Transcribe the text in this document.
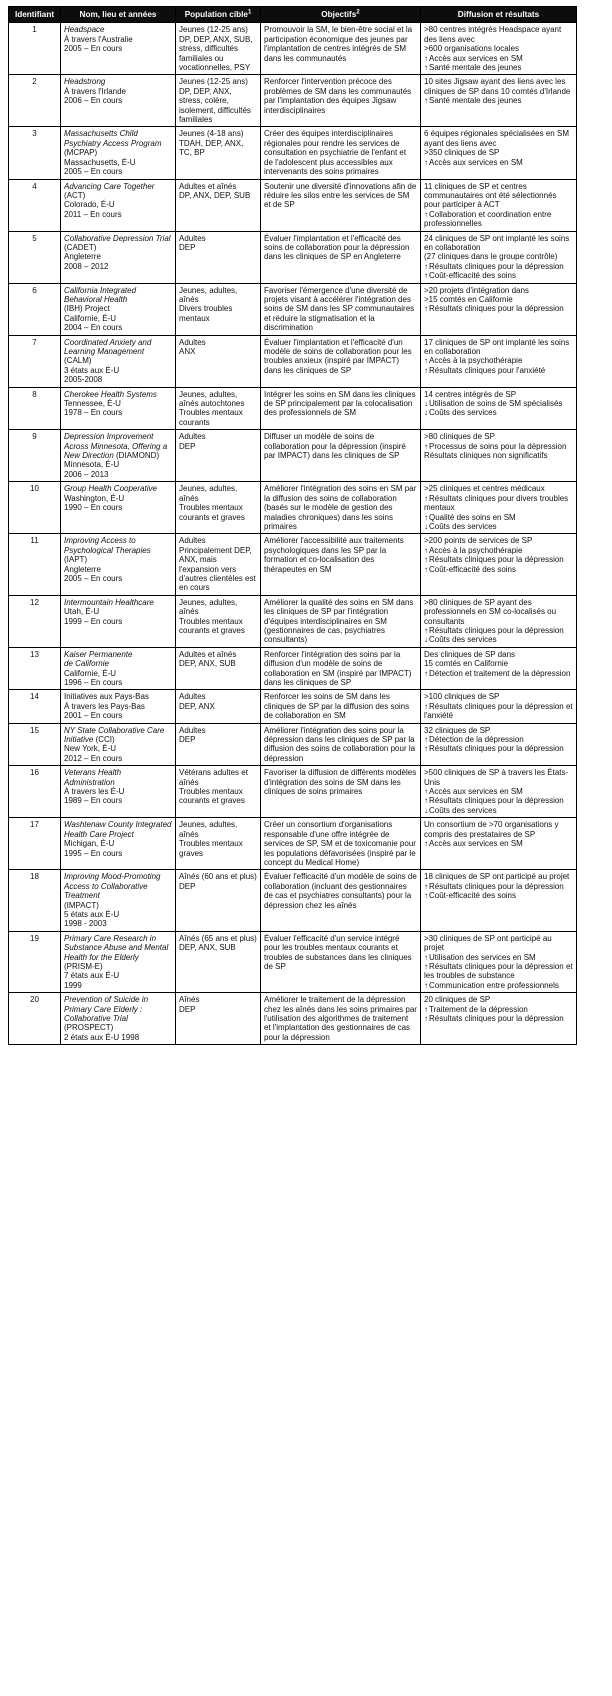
Identifiant	Nom, lieu et années	Population cible$^1$	Objectifs$^2$	Diffusion et résultats
1	Headspace
À travers l'Australie
2005 – En cours	Jeunes (12-25 ans)
DP, DEP, ANX, SUB, stress, difficultés familiales ou vocationnelles, PSY	Promouvoir la SM, le bien-être social et la participation économique des jeunes par l'implantation de centres intégrés de SM dans les communautés	>80 centres intégrés Headspace ayant des liens avec
>600 organisations locales
↑Accès aux services en SM
↑Santé mentale des jeunes

2	Headstrong
À travers l'Irlande
2006 – En cours	Jeunes (12-25 ans)
DP, DEP, ANX, stress, colère, isolement, difficultés familiales	Renforcer l'intervention précoce des problèmes de SM dans les communautés par l'implantation des équipes Jigsaw interdisciplinaires	10 sites Jigsaw ayant des liens avec les cliniques de SP dans 10 comtés d'Irlande
↑Santé mentale des jeunes

3	Massachusetts Child Psychiatry Access Program
(MCPAP)
Massachusetts, É-U
2005 – En cours	Jeunes (4-18 ans)
TDAH, DEP, ANX, TC, BP	Créer des équipes interdisciplinaires régionales pour rendre les services de consultation en psychiatrie de l'enfant et de l'adolescent plus accessibles aux intervenants des soins primaires	6 équipes régionales spécialisées en SM ayant des liens avec
>350 cliniques de SP
↑Accès aux services en SM

4	Advancing Care Together
(ACT)
Colorado, É-U
2011 – En cours	Adultes et aînés
DP, ANX, DEP, SUB	Soutenir une diversité d'innovations afin de réduire les silos entre les services de SM et de SP	11 cliniques de SP et centres communautaires ont été sélectionnés pour participer à ACT
↑Collaboration et coordination entre professionnelles

5	Collaborative Depression Trial
(CADET)
Angleterre
2008 – 2012	Adultes
DEP	Évaluer l'implantation et l'efficacité des soins de collaboration pour la dépression dans les cliniques de SP en Angleterre	24 cliniques de SP ont implanté les soins en collaboration
(27 cliniques dans le groupe contrôle)
↑Résultats cliniques pour la dépression
↑Coût-efficacité des soins

6	California Integrated Behavioral Health
(IBH) Project
Californie, É-U
2004 – En cours	Jeunes, adultes, aînés
Divers troubles mentaux	Favoriser l'émergence d'une diversité de projets visant à accélérer l'intégration des soins de SM dans les SP communautaires et réduire la stigmatisation et la discrimination	>20 projets d'intégration dans
>15 comtés en Californie
↑Résultats cliniques pour la dépression

7	Coordinated Anxiety and Learning Management
(CALM)
3 états aux É-U
2005-2008	Adultes
ANX	Évaluer l'implantation et l'efficacité d'un modèle de soins de collaboration pour les troubles anxieux (inspiré par IMPACT) dans les cliniques de SP	17 cliniques de SP ont implanté les soins en collaboration
↑Accès à la psychothérapie
↑Résultats cliniques pour l'anxiété

8	Cherokee Health Systems
Tennessee, É-U
1978 – En cours	Jeunes, adultes, aînés autochtones
Troubles mentaux courants	Intégrer les soins en SM dans les cliniques de SP principalement par la colocalisation des professionnels de SM	14 centres intégrés de SP
↓Utilisation de soins de SM spécialisés
↓Coûts des services

9	Depression Improvement Across Minnesota, Offering a New Direction (DIAMOND)
Minnesota, É-U
2006 – 2013	Adultes
DEP	Diffuser un modèle de soins de collaboration pour la dépression (inspiré par IMPACT) dans les cliniques de SP	>80 cliniques de SP
↑Processus de soins pour la dépression
Résultats cliniques non significatifs

10	Group Health Cooperative
Washington, É-U
1990 – En cours	Jeunes, adultes, aînés
Troubles mentaux courants et graves	Améliorer l'intégration des soins en SM par la diffusion des soins de collaboration (basés sur le modèle de gestion des maladies chroniques) dans les soins primaires	>25 cliniques et centres médicaux
↑Résultats cliniques pour divers troubles mentaux
↑Qualité des soins en SM
↓Coûts des services

11	Improving Access to Psychological Therapies
(IAPT)
Angleterre
2005 – En cours	Adultes
Principalement DEP, ANX, mais l'expansion vers d'autres clientèles est en cours	Améliorer l'accessibilité aux traitements psychologiques dans les SP par la formation et co-localisation des thérapeutes en SM	>200 points de services de SP
↑Accès à la psychothérapie
↑Résultats cliniques pour la dépression
↑Coût-efficacité des soins

12	Intermountain Healthcare
Utah, É-U
1999 – En cours	Jeunes, adultes, aînés
Troubles mentaux courants et graves	Améliorer la qualité des soins en SM dans les cliniques de SP par l'intégration d'équipes interdisciplinaires en SM (gestionnaires de cas, psychiatres consultants)	>80 cliniques de SP ayant des professionnels en SM co-localisés ou consultants
↑Résultats cliniques pour la dépression
↓Coûts des services

13	Kaiser Permanente
de Californie
Californie, É-U
1996 – En cours	Adultes et aînés
DEP, ANX, SUB	Renforcer l'intégration des soins par la diffusion d'un modèle de soins de collaboration en SM (inspiré par IMPACT) dans les cliniques de SP	Des cliniques de SP dans
15 comtés en Californie
↑Détection et traitement de la dépression

14	Initiatives aux Pays-Bas
À travers les Pays-Bas
2001 – En cours	Adultes
DEP, ANX	Renforcer les soins de SM dans les cliniques de SP par la diffusion des soins de collaboration en SM	>100 cliniques de SP
↑Résultats cliniques pour la dépression et l'anxiété

15	NY State Collaborative Care Initiative (CCI)
New York, É-U
2012 – En cours	Adultes
DEP	Améliorer l'intégration des soins pour la dépression dans les cliniques de SP par la diffusion des soins de collaboration pour la dépression	32 cliniques de SP
↑Détection de la dépression
↑Résultats cliniques pour la dépression

16	Veterans Health Administration
À travers les É-U
1989 – En cours	Vétérans adultes et aînés
Troubles mentaux courants et graves	Favoriser la diffusion de différents modèles d'intégration des soins de SM dans les cliniques de soins primaires	>500 cliniques de SP à travers les États-Unis
↑Accès aux services en SM
↑Résultats cliniques pour la dépression
↓Coûts des services

17	Washtenaw County Integrated Health Care Project
Michigan, É-U
1995 – En cours	Jeunes, adultes, aînés
Troubles mentaux graves	Créer un consortium d'organisations responsable d'une offre intégrée de services de SP, SM et de toxicomanie pour les populations défavorisées (inspiré par le concept du Medical Home)	Un consortium de >70 organisations y compris des prestataires de SP
↑Accès aux services en SM

18	Improving Mood-Promoting Access to Collaborative Treatment
(IMPACT)
5 états aux É-U
1998 - 2003	Aînés (60 ans et plus)
DEP	Évaluer l'efficacité d'un modèle de soins de collaboration (incluant des gestionnaires de cas et psychiatres consultants) pour la dépression chez les aînés	18 cliniques de SP ont participé au projet
↑Résultats cliniques pour la dépression
↑Coût-efficacité des soins

19	Primary Care Research in Substance Abuse and Mental Health for the Elderly
(PRISM-E)
7 états aux É-U
1999	Aînés (65 ans et plus)
DEP, ANX, SUB	Évaluer l'efficacité d'un service intégré pour les troubles mentaux courants et troubles de substances dans les cliniques de SP	>30 cliniques de SP ont participé au projet
↑Utilisation des services en SM
↑Résultats cliniques pour la dépression et les troubles de substance
↑Communication entre professionnels

20	Prevention of Suicide in Primary Care Elderly : Collaborative Trial
(PROSPECT)
2 états aux É-U 1998	Aînés
DEP	Améliorer le traitement de la dépression chez les aînés dans les soins primaires par l'utilisation des algorithmes de traitement et l'implantation des gestionnaires de cas pour la dépression	20 cliniques de SP
↑Traitement de la dépression
↑Résultats cliniques pour la dépression
